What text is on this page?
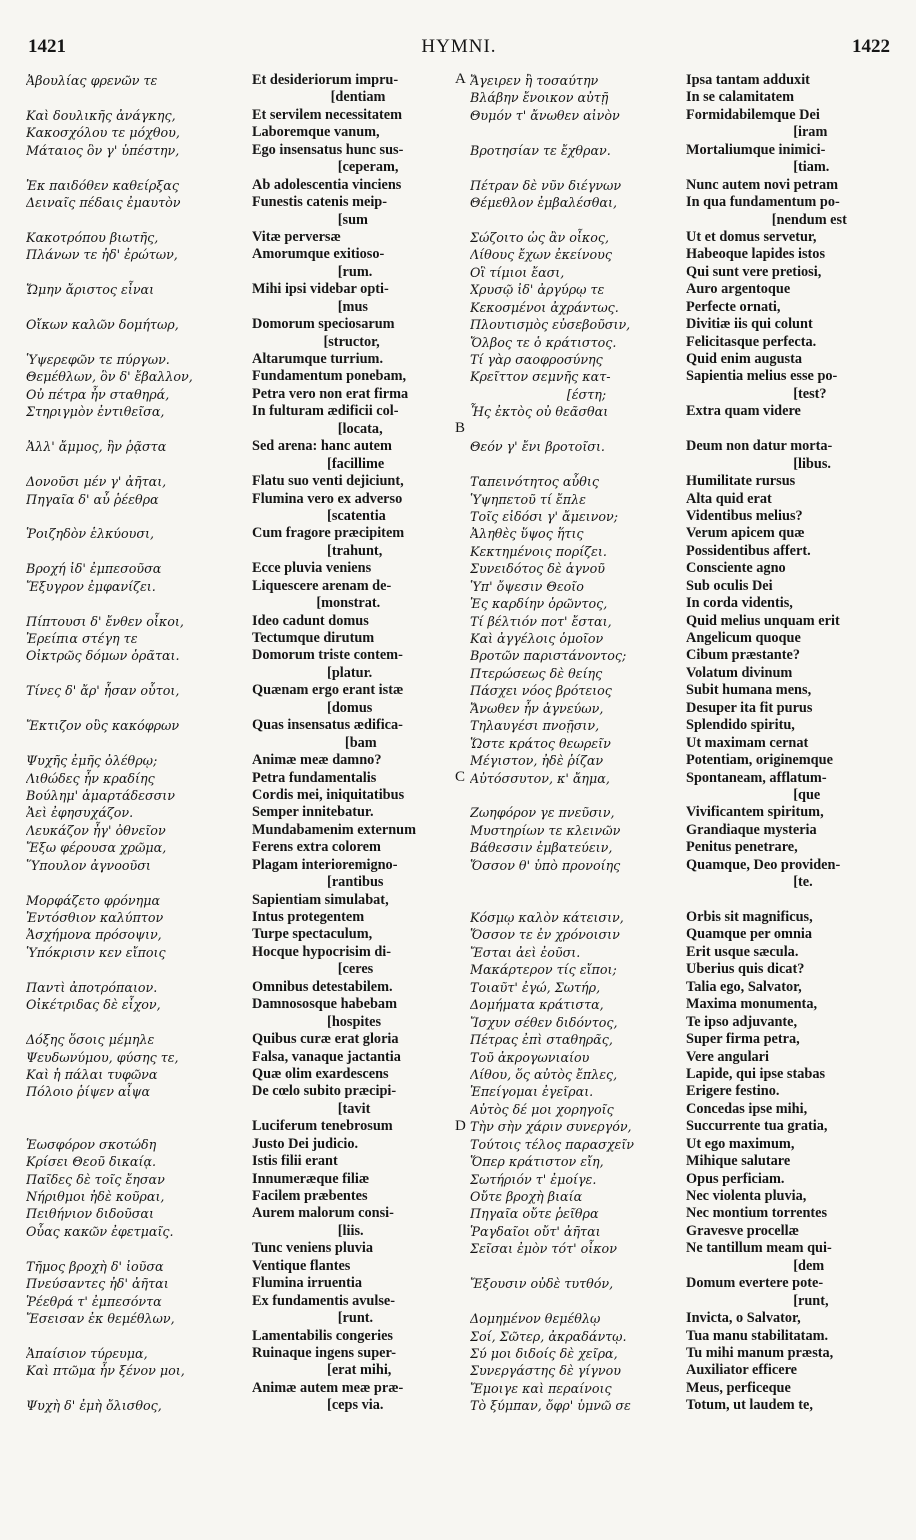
1421	HYMNI.	1422
Ἀβουλίας φρενῶν τε
Καὶ δουλικῆς ἀνάγκης,
Κακοσχόλου τε μόχθου,
Μάταιος ὃν γ' ὑπέστην,
Ἐκ παιδόθεν καθείρξας
Δειναῖς πέδαις ἐμαυτὸν
Κακοτρόπου βιωτῆς,
Πλάνων τε ἠδ' ἐρώτων,
Ὤμην ἄριστος εἶναι
Οἴκων καλῶν δομήτωρ,
Ὑψερεφῶν τε πύργων.
Θεμέθλων, ὃν δ' ἔβαλλον,
Οὐ πέτρα ἦν σταθηρά,
Στηριγμὸν ἐντιθεῖσα,
Ἀλλ' ἄμμος, ἣν ῥᾷστα
Δονοῦσι μέν γ' ἀῆται,
Πηγαῖα δ' αὖ ῥέεθρα
Ῥοιζηδὸν ἑλκύουσι,
Βροχή ἰδ' ἐμπεσοῦσα
Ἔξυγρον ἐμφανίζει.
Πίπτουσι δ' ἔνθεν οἶκοι,
Ἐρείπια στέγη τε
Οἰκτρῶς δόμων ὁρᾶται.
Τίνες δ' ἄρ' ἦσαν οὗτοι,
Ἔκτιζον οὓς κακόφρων
Ψυχῆς ἐμῆς ὀλέθρῳ;
Λιθώδες ἦν κραδίης
Βούλημ' ἁμαρτάδεσσιν
Ἀεὶ ἐφησυχάζον.
Λευκάζον ἦγ' ὀθνεῖον
Ἔξω φέρουσα χρῶμα,
Ὕπουλον ἀγνοοῦσι
Μορφάζετο φρόνημα
Ἐντόσθιον καλύπτον
Ἀσχήμονα πρόσοψιν,
Ὑπόκρισιν κεν εἴποις
Παντὶ ἀποτρόπαιον.
Οἰκέτριδας δὲ εἶχον,
Δόξης ὅσοις μέμηλε
Ψευδωνύμου, φύσης τε,
Καὶ ἡ πάλαι τυφῶνα
Πόλοιο ῥίψεν αἶψα
Ἑωσφόρον σκοτώδη
Κρίσει Θεοῦ δικαίᾳ.
Παῖδες δὲ τοῖς ἔησαν
Νήριθμοι ἠδὲ κοῦραι,
Πειθήνιον διδοῦσαι
Οὖας κακῶν ἐφετμαῖς.
Τῆμος βροχὴ δ' ἰοῦσα
Πνεύσαντες ἠδ' ἀῆται
Ῥέεθρά τ' ἐμπεσόντα
Ἔσεισαν ἐκ θεμέθλων,
Ἀπαίσιον τύρευμα,
Καὶ πτῶμα ἦν ξένον μοι,
Ψυχὴ δ' ἐμὴ ὄλισθος,
Et desideriorum impru-
[dentiam
Et servilem necessitatem
Laboremque vanum,
Ego insensatus hunc sus-
[ceperam,
Ab adolescentia vinciens
Funestis catenis meip-
[sum
Vitæ perversæ
Amorumque exitioso-
[rum.
Mihi ipsi videbar opti-
[mus
Domorum speciosarum
[structor,
Altarumque turrium.
Fundamentum ponebam,
Petra vero non erat firma
In fulturam ædificii col-
[locata,
Sed arena: hanc autem
[facillime
Flatu suo venti dejiciunt,
Flumina vero ex adverso
[scatentia
Cum fragore præcipitem
[trahunt,
Ecce pluvia veniens
Liquescere arenam de-
[monstrat.
Ideo cadunt domus
Tectumque dirutum
Domorum triste contem-
[platur.
Quænam ergo erant istæ
[domus
Quas insensatus ædifica-
[bam
Animæ meæ damno?
Petra fundamentalis
Cordis mei, iniquitatibus
Semper innitebatur.
Mundabamenim externum
Ferens extra colorem
Plagam interioremigno-
[rantibus
Sapientiam simulabat,
Intus protegentem
Turpe spectaculum,
Hocque hypocrisim di-
[ceres
Omnibus detestabilem.
Damnososque habebam
[hospites
Quibus curæ erat gloria
Falsa, vanaque jactantia
Quæ olim exardescens
De cœlo subito præcipi-
[tavit
Luciferum tenebrosum
Justo Dei judicio.
Istis filii erant
Innumeræque filiæ
Facilem præbentes
Aurem malorum consi-
[liis.
Tunc veniens pluvia
Ventique flantes
Flumina irruentia
Ex fundamentis avulse-
[runt.
Lamentabilis congeries
Ruinaque ingens super-
[erat mihi,
Animæ autem meæ præ-
[ceps via.
Ἄγειρεν ἢ τοσαύτην
Βλάβην ἔνοικον αὐτῇ
Θυμόν τ' ἄνωθεν αἰνὸν
Βροτησίαν τε ἔχθραν.
Πέτραν δὲ νῦν διέγνων
Θέμεθλον ἐμβαλέσθαι,
Σώζοιτο ὡς ἂν οἶκος,
Λίθους ἔχων ἐκείνους
Οἳ τίμιοι ἔασι,
Χρυσῷ ἰδ' ἀργύρῳ τε
Κεκοσμένοι ἀχράντως.
Πλουτισμὸς εὐσεβοῦσιν,
Ὄλβος τε ὁ κράτιστος.
Τί γὰρ σαοφροσύνης
Κρεῖττον σεμνῆς κατ-
[έστη;
Ἧς ἐκτὸς οὐ θεᾶσθαι
Θεόν γ' ἔνι βροτοῖσι.
Ταπεινότητος αὖθις
Ὑψηπετοῦ τί ἔπλε
Τοῖς εἰδόσι γ' ἄμεινον;
Ἀληθὲς ὕψος ἥτις
Κεκτημένοις πορίζει.
Συνειδότος δὲ ἁγνοῦ
Ὑπ' ὄψεσιν Θεοῖο
Ἐς καρδίην ὁρῶντος,
Τί βέλτιόν ποτ' ἔσται,
Καὶ ἀγγέλοις ὁμοῖον
Βροτῶν παριστάνοντος;
Πτερώσεως δὲ θείης
Πάσχει νόος βρότειος
Ἄνωθεν ἦν ἁγνεύων,
Τηλαυγέσι πνοῇσιν,
Ὥστε κράτος θεωρεῖν
Μέγιστον, ἠδὲ ῥίζαν
Αὐτόσσυτον, κ' ἄημα,
Ζωηφόρον γε πνεῦσιν,
Μυστηρίων τε κλεινῶν
Βάθεσσιν ἐμβατεύειν,
Ὅσσον θ' ὑπὸ προνοίης
Κόσμῳ καλὸν κάτεισιν,
Ὅσσον τε ἐν χρόνοισιν
Ἔσται ἀεὶ ἐοῦσι.
Μακάρτερον τίς εἴποι;
Τοιαῦτ' ἐγώ, Σωτήρ,
Δομήματα κράτιστα,
Ἴσχυν σέθεν διδόντος,
Πέτρας ἐπὶ σταθηρᾶς,
Τοῦ ἀκρογωνιαίου
Λίθου, ὅς αὐτὸς ἔπλες,
Ἐπείγομαι ἐγεῖραι.
Αὐτὸς δέ μοι χορηγοῖς
Τὴν σὴν χάριν συνεργόν,
Τούτοις τέλος παρασχεῖν
Ὅπερ κράτιστον εἴη,
Σωτήριόν τ' ἐμοίγε.
Οὔτε βροχὴ βιαία
Πηγαῖα οὔτε ῥεῖθρα
Ῥαγδαῖοι οὔτ' ἀῆται
Σεῖσαι ἐμὸν τότ' οἶκον
Ἔξουσιν οὐδὲ τυτθόν,
Δομημένον θεμέθλῳ
Σοί, Σῶτερ, ἀκραδάντῳ.
Σύ μοι διδοίς δὲ χεῖρα,
Συνεργάστης δὲ γίγνου
Ἔμοιγε καὶ περαίνοις
Τὸ ξύμπαν, ὄφρ' ὑμνῶ σε
Ipsa tantam adduxit
In se calamitatem
Formidabilemque Dei
[iram
Mortaliumque inimici-
[tiam.
Nunc autem novi petram
In qua fundamentum po-
[nendum est
Ut et domus servetur,
Habeoque lapides istos
Qui sunt vere pretiosi,
Auro argentoque
Perfecte ornati,
Divitiæ iis qui colunt
Felicitasque perfecta.
Quid enim augusta
Sapientia melius esse po-
[test?
Extra quam videre
Deum non datur morta-
[libus.
Humilitate rursus
Alta quid erat
Videntibus melius?
Verum apicem quæ
Possidentibus affert.
Consciente agno
Sub oculis Dei
In corda videntis,
Quid melius unquam erit
Angelicum quoque
Cibum præstante?
Volatum divinum
Subit humana mens,
Desuper ita fit purus
Splendido spiritu,
Ut maximam cernat
Potentiam, originemque
Spontaneam, afflatum-
[que
Vivificantem spiritum,
Grandiaque mysteria
Penitus penetrare,
Quamque, Deo providen-
[te.
Orbis sit magnificus,
Quamque per omnia
Erit usque sæcula.
Uberius quis dicat?
Talia ego, Salvator,
Maxima monumenta,
Te ipso adjuvante,
Super firma petra,
Vere angulari
Lapide, qui ipse stabas
Erigere festino.
Concedas ipse mihi,
Succurrente tua gratia,
Ut ego maximum,
Mihique salutare
Opus perficiam.
Nec violenta pluvia,
Nec montium torrentes
Gravesve procellæ
Ne tantillum meam qui-
[dem
Domum evertere pote-
[runt,
Invicta, o Salvator,
Tua manu stabilitatam.
Tu mihi manum præsta,
Auxiliator efficere
Meus, perficeque
Totum, ut laudem te,
A
B
C
D
